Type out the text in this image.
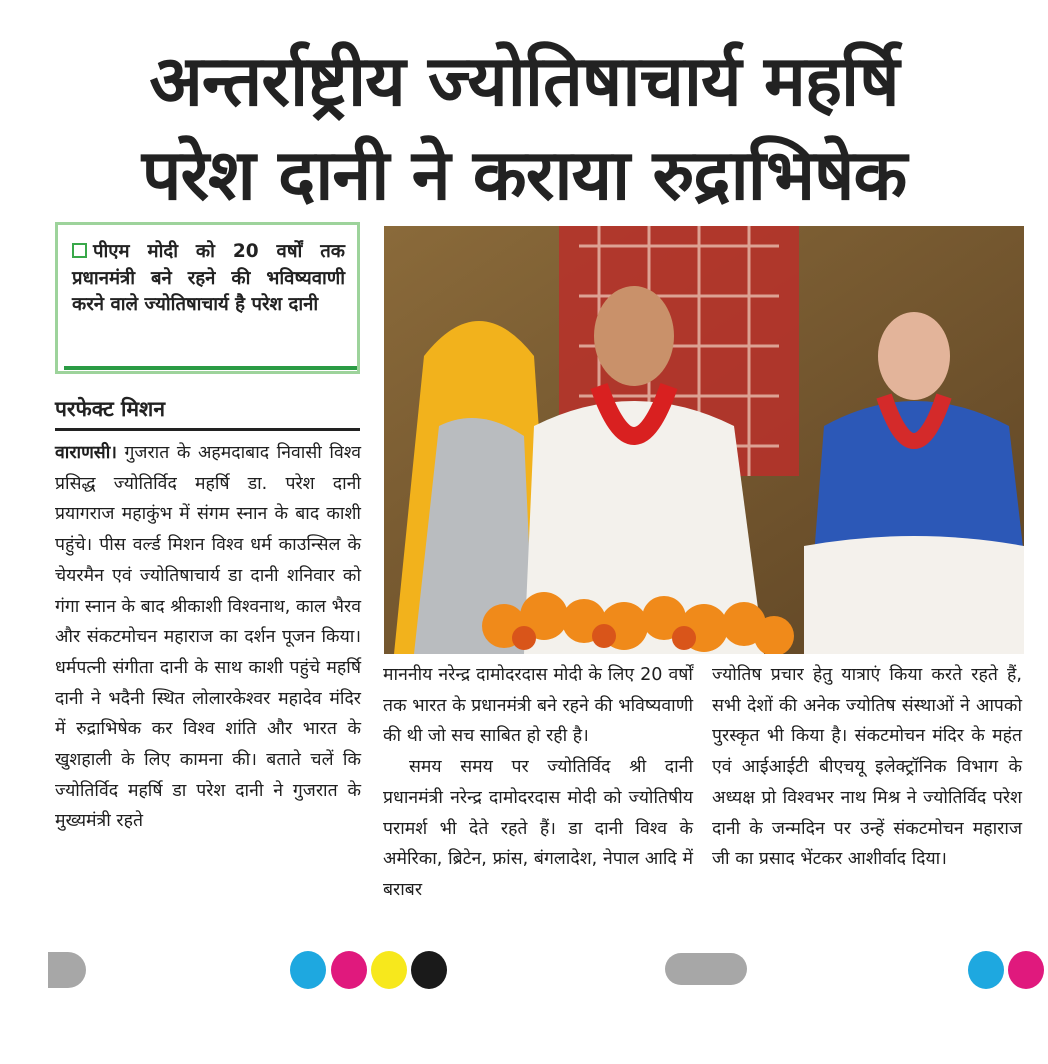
अन्तर्राष्ट्रीय ज्योतिषाचार्य महर्षि
परेश दानी ने कराया रुद्राभिषेक
पीएम मोदी को 20 वर्षों तक प्रधानमंत्री बने रहने की भविष्यवाणी करने वाले ज्योतिषाचार्य है परेश दानी
परफेक्ट मिशन
वाराणसी। गुजरात के अहमदाबाद निवासी विश्व प्रसिद्ध ज्योतिर्विद महर्षि डा. परेश दानी प्रयागराज महाकुंभ में संगम स्नान के बाद काशी पहुंचे। पीस वर्ल्ड मिशन विश्व धर्म काउन्सिल के चेयरमैन एवं ज्योतिषाचार्य डा दानी शनिवार को गंगा स्नान के बाद श्रीकाशी विश्वनाथ, काल भैरव और संकटमोचन महाराज का दर्शन पूजन किया। धर्मपत्नी संगीता दानी के साथ काशी पहुंचे महर्षि दानी ने भदैनी स्थित लोलारकेश्वर महादेव मंदिर में रुद्राभिषेक कर विश्व शांति और भारत के खुशहाली के लिए कामना की। बताते चलें कि ज्योतिर्विद महर्षि डा परेश दानी ने गुजरात के मुख्यमंत्री रहते

माननीय नरेन्द्र दामोदरदास मोदी के लिए 20 वर्षों तक भारत के प्रधानमंत्री बने रहने की भविष्यवाणी की थी जो सच साबित हो रही है।

समय समय पर ज्योतिर्विद श्री दानी प्रधानमंत्री नरेन्द्र दामोदरदास मोदी को ज्योतिषीय परामर्श भी देते रहते हैं। डा दानी विश्व के अमेरिका, ब्रिटेन, फ्रांस, बंगलादेश, नेपाल आदि में बराबर

ज्योतिष प्रचार हेतु यात्राएं किया करते रहते हैं, सभी देशों की अनेक ज्योतिष संस्थाओं ने आपको पुरस्कृत भी किया है। संकटमोचन मंदिर के महंत एवं आईआईटी बीएचयू इलेक्ट्रॉनिक विभाग के अध्यक्ष प्रो विश्वभर नाथ मिश्र ने ज्योतिर्विद परेश दानी के जन्मदिन पर उन्हें संकटमोचन महाराज जी का प्रसाद भेंटकर आशीर्वाद दिया।
